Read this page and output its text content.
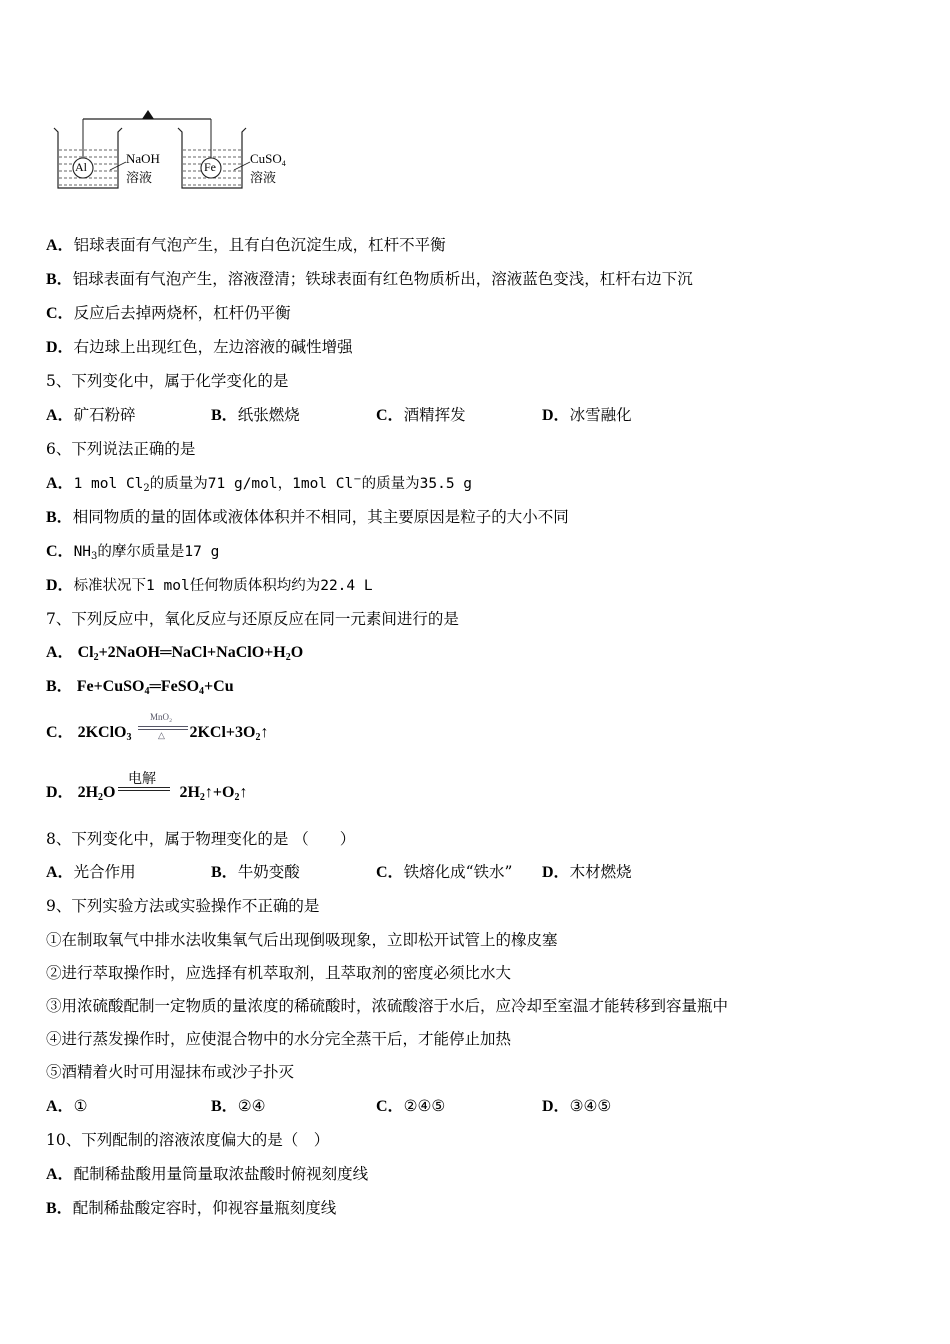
Al
NaOH
溶液
Fe
CuSO$_4$
溶液
A．铝球表面有气泡产生，且有白色沉淀生成，杠杆不平衡
B．铝球表面有气泡产生，溶液澄清；铁球表面有红色物质析出，溶液蓝色变浅，杠杆右边下沉
C．反应后去掉两烧杯，杠杆仍平衡
D．右边球上出现红色，左边溶液的碱性增强
5、下列变化中，属于化学变化的是
A．矿石粉碎	B．纸张燃烧	C．酒精挥发	D．冰雪融化
6、下列说法正确的是
A．1 mol $Cl_2$的质量为71 g/mol，1mol Cl−的质量为35.5 g
B．相同物质的量的固体或液体体积并不相同，其主要原因是粒子的大小不同
C．$NH_3$的摩尔质量是17 g
D．标准状况下1 mol任何物质体积均约为22.4 L
7、下列反应中，氧化反应与还原反应在同一元素间进行的是
A． $Cl_2+2NaOH═NaCl+NaClO+H_2O$
B． Fe+CuSO$_4$═FeSO$_4$+Cu
C． 2KClO$_3$	$2KCl+3O_2↑$
MnO₂
△
D． $2H_2O$	$2H_2↑+O_2↑$
电解
8、下列变化中，属于物理变化的是 （　　）
A．光合作用	B．牛奶变酸	C．铁熔化成“铁水” D．木材燃烧
9、下列实验方法或实验操作不正确的是
①在制取氧气中排水法收集氧气后出现倒吸现象，立即松开试管上的橡皮塞
②进行萃取操作时，应选择有机萃取剂，且萃取剂的密度必须比水大
③用浓硫酸配制一定物质的量浓度的稀硫酸时，浓硫酸溶于水后，应冷却至室温才能转移到容量瓶中
④进行蒸发操作时，应使混合物中的水分完全蒸干后，才能停止加热
⑤酒精着火时可用湿抹布或沙子扑灭
A．①	B．②④	C．②④⑤	D．③④⑤
10、下列配制的溶液浓度偏大的是（　）
A．配制稀盐酸用量筒量取浓盐酸时俯视刻度线
B．配制稀盐酸定容时，仰视容量瓶刻度线
